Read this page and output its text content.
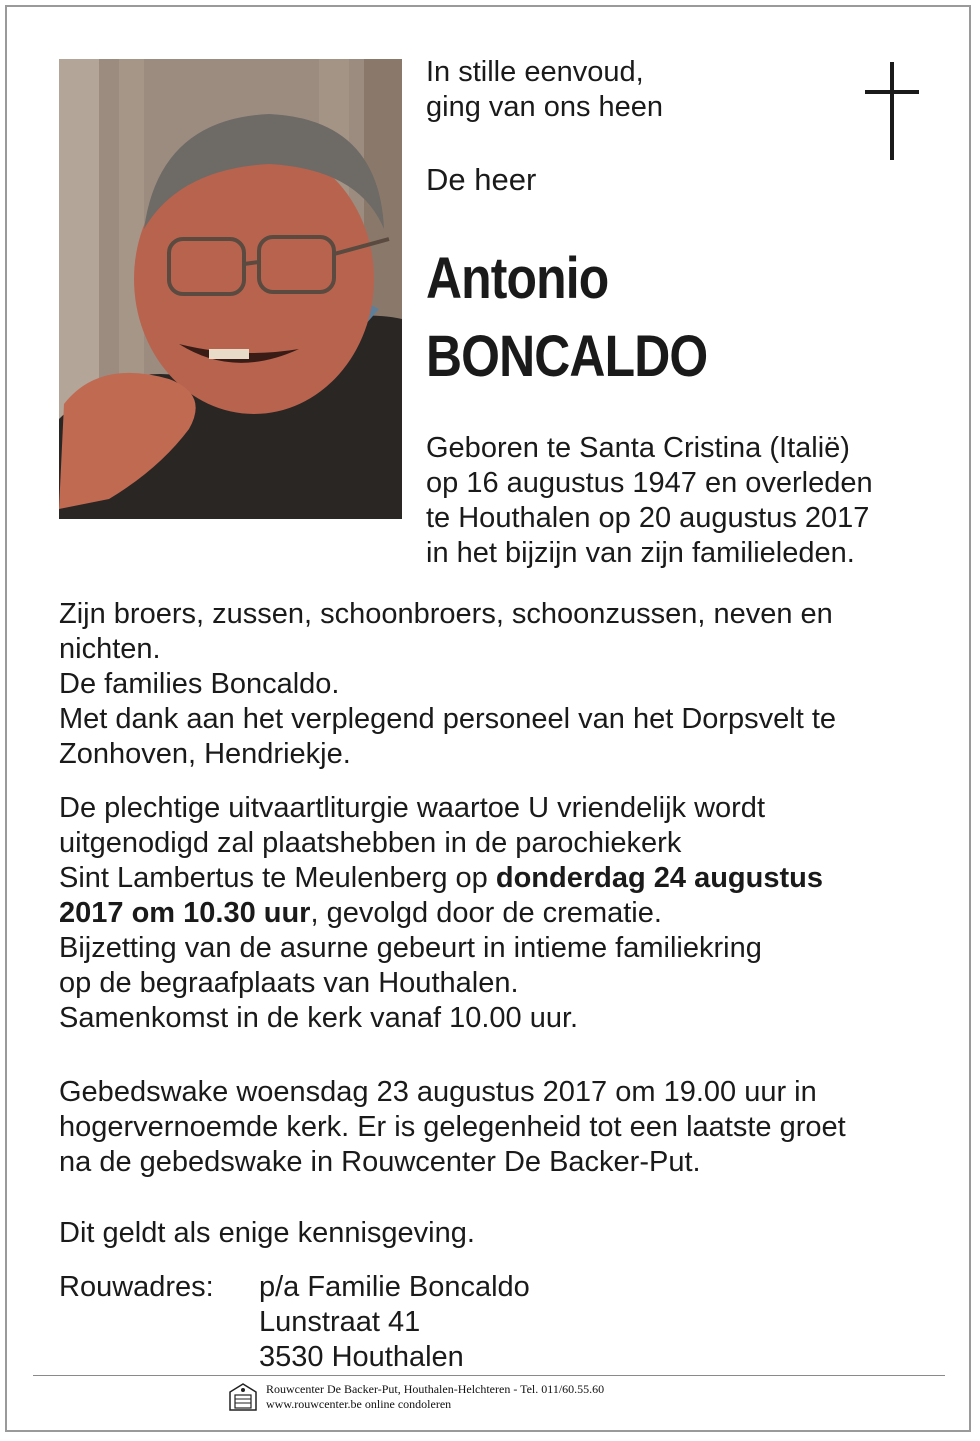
In stille eenvoud,
ging van ons heen
De heer
Antonio
BONCALDO
Geboren te Santa Cristina (Italië)
op 16 augustus 1947 en overleden
te Houthalen op 20 augustus 2017
in het bijzijn van zijn familieleden.

Zijn broers, zussen, schoonbroers, schoonzussen, neven en

nichten.

De families Boncaldo.

Met dank aan het verplegend personeel van het Dorpsvelt te

Zonhoven, Hendriekje.

De plechtige uitvaartliturgie waartoe U vriendelijk wordt

uitgenodigd zal plaatshebben in de parochiekerk

Sint Lambertus te Meulenberg op donderdag 24 augustus

2017 om 10.30 uur, gevolgd door de crematie.

Bijzetting van de asurne gebeurt in intieme familiekring

op de begraafplaats van Houthalen.

Samenkomst in de kerk vanaf 10.00 uur.

Gebedswake woensdag 23 augustus 2017 om 19.00 uur in

hogervernoemde kerk. Er is gelegenheid tot een laatste groet

na de gebedswake in Rouwcenter De Backer-Put.

Dit geldt als enige kennisgeving.
Rouwadres: p/a Familie Boncaldo
Lunstraat 41
3530 Houthalen
Rouwcenter De Backer-Put, Houthalen-Helchteren - Tel. 011/60.55.60
www.rouwcenter.be online condoleren
